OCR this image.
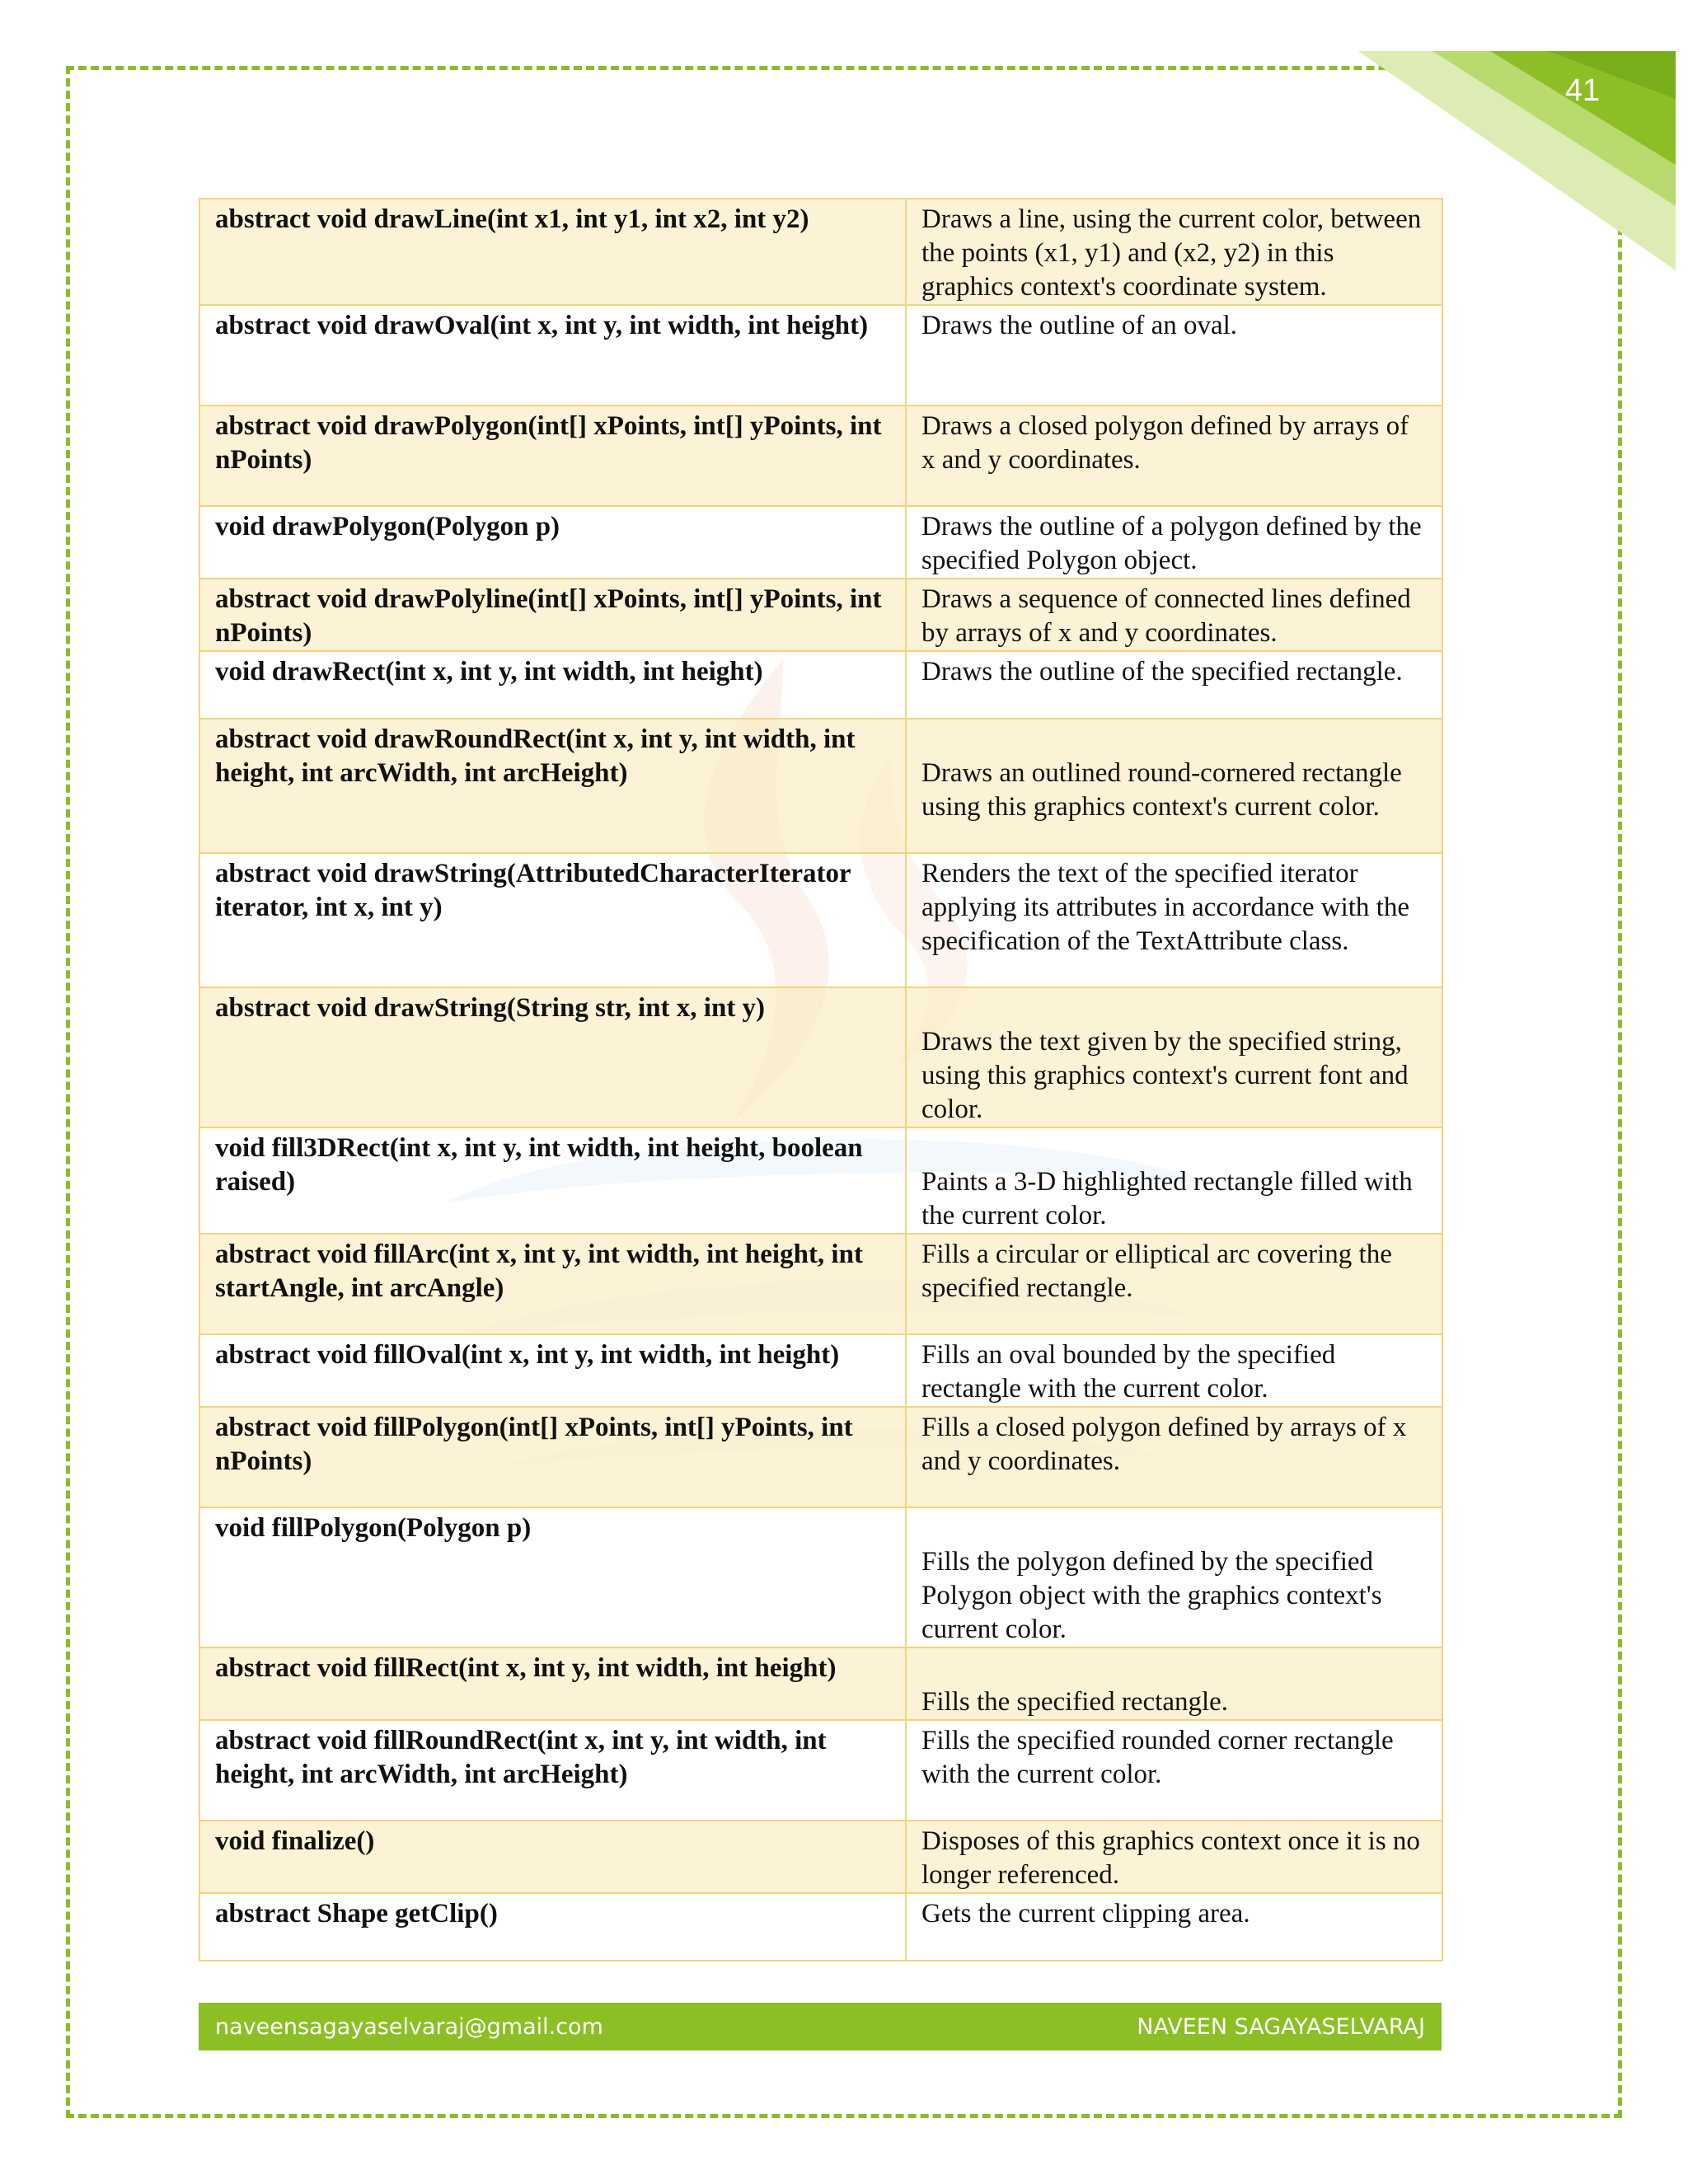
41
abstract void drawLine(int x1, int y1, int x2, int y2)	Draws a line, using the current color, between the points (x1, y1) and (x2, y2) in this graphics context's coordinate system.
abstract void drawOval(int x, int y, int width, int height)	Draws the outline of an oval.
abstract void drawPolygon(int[] xPoints, int[] yPoints, int nPoints)	Draws a closed polygon defined by arrays of x and y coordinates.
void drawPolygon(Polygon p)	Draws the outline of a polygon defined by the specified Polygon object.
abstract void drawPolyline(int[] xPoints, int[] yPoints, int nPoints)	Draws a sequence of connected lines defined by arrays of x and y coordinates.
void drawRect(int x, int y, int width, int height)	Draws the outline of the specified rectangle.
abstract void drawRoundRect(int x, int y, int width, int height, int arcWidth, int arcHeight)	Draws an outlined round-cornered rectangle using this graphics context's current color.
abstract void drawString(AttributedCharacterIterator iterator, int x, int y)	Renders the text of the specified iterator applying its attributes in accordance with the specification of the TextAttribute class.
abstract void drawString(String str, int x, int y)	Draws the text given by the specified string, using this graphics context's current font and color.
void fill3DRect(int x, int y, int width, int height, boolean raised)	Paints a 3-D highlighted rectangle filled with the current color.
abstract void fillArc(int x, int y, int width, int height, int startAngle, int arcAngle)	Fills a circular or elliptical arc covering the specified rectangle.
abstract void fillOval(int x, int y, int width, int height)	Fills an oval bounded by the specified rectangle with the current color.
abstract void fillPolygon(int[] xPoints, int[] yPoints, int nPoints)	Fills a closed polygon defined by arrays of x and y coordinates.
void fillPolygon(Polygon p)	Fills the polygon defined by the specified Polygon object with the graphics context's current color.
abstract void fillRect(int x, int y, int width, int height)	Fills the specified rectangle.
abstract void fillRoundRect(int x, int y, int width, int height, int arcWidth, int arcHeight)	Fills the specified rounded corner rectangle with the current color.
void finalize()	Disposes of this graphics context once it is no longer referenced.
abstract Shape getClip()	Gets the current clipping area.
naveensagayaselvaraj@gmail.com	NAVEEN SAGAYASELVARAJ
